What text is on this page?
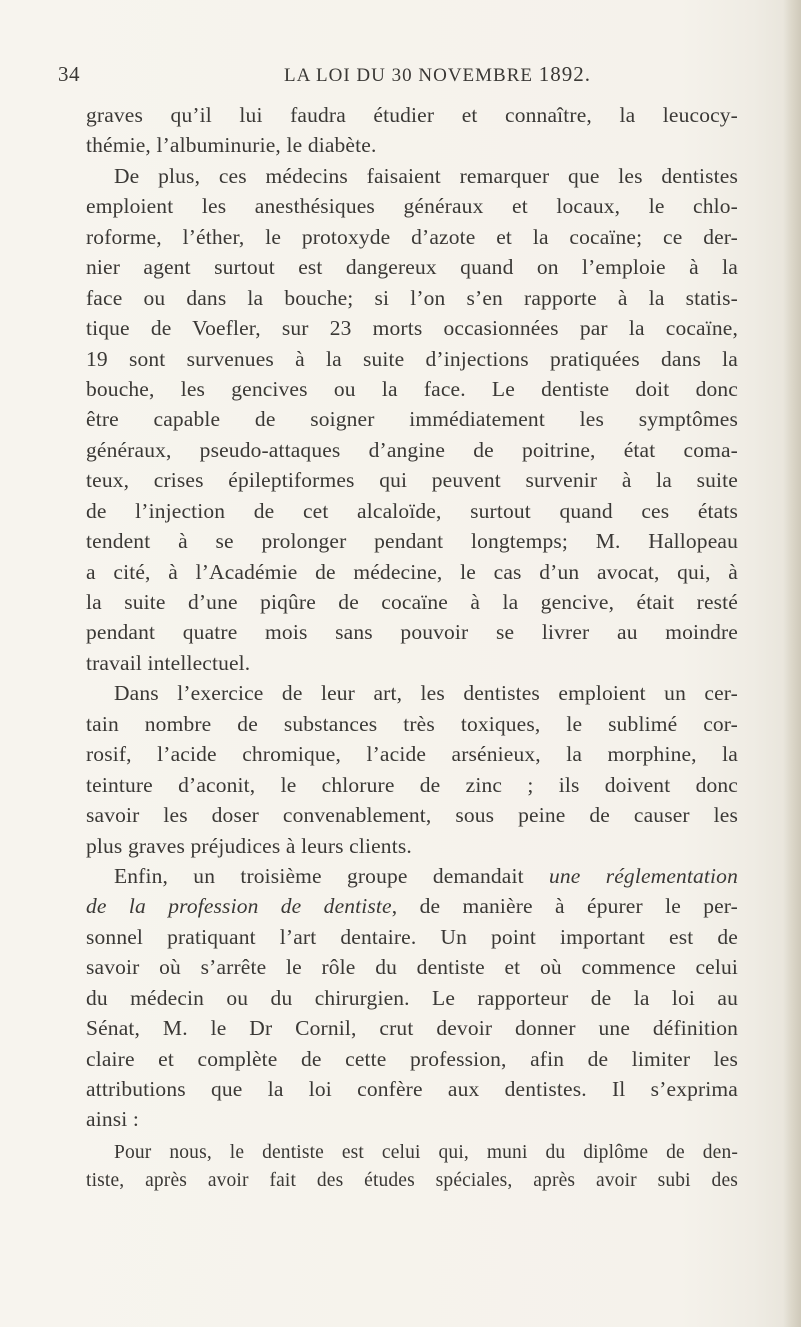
34	LA LOI DU 30 NOVEMBRE 1892.
graves qu’il lui faudra étudier et connaître, la leucocy-
thémie, l’albuminurie, le diabète.
De plus, ces médecins faisaient remarquer que les dentistes
emploient les anesthésiques généraux et locaux, le chlo-
roforme, l’éther, le protoxyde d’azote et la cocaïne; ce der-
nier agent surtout est dangereux quand on l’emploie à la
face ou dans la bouche; si l’on s’en rapporte à la statis-
tique de Voefler, sur 23 morts occasionnées par la cocaïne,
19 sont survenues à la suite d’injections pratiquées dans la
bouche, les gencives ou la face. Le dentiste doit donc
être capable de soigner immédiatement les symptômes
généraux, pseudo-attaques d’angine de poitrine, état coma-
teux, crises épileptiformes qui peuvent survenir à la suite
de l’injection de cet alcaloïde, surtout quand ces états
tendent à se prolonger pendant longtemps; M. Hallopeau
a cité, à l’Académie de médecine, le cas d’un avocat, qui, à
la suite d’une piqûre de cocaïne à la gencive, était resté
pendant quatre mois sans pouvoir se livrer au moindre
travail intellectuel.
Dans l’exercice de leur art, les dentistes emploient un cer-
tain nombre de substances très toxiques, le sublimé cor-
rosif, l’acide chromique, l’acide arsénieux, la morphine, la
teinture d’aconit, le chlorure de zinc ; ils doivent donc
savoir les doser convenablement, sous peine de causer les
plus graves préjudices à leurs clients.
Enfin, un troisième groupe demandait une réglementation
de la profession de dentiste, de manière à épurer le per-
sonnel pratiquant l’art dentaire. Un point important est de
savoir où s’arrête le rôle du dentiste et où commence celui
du médecin ou du chirurgien. Le rapporteur de la loi au
Sénat, M. le Dr Cornil, crut devoir donner une définition
claire et complète de cette profession, afin de limiter les
attributions que la loi confère aux dentistes. Il s’exprima
ainsi :
Pour nous, le dentiste est celui qui, muni du diplôme de den-
tiste, après avoir fait des études spéciales, après avoir subi des
